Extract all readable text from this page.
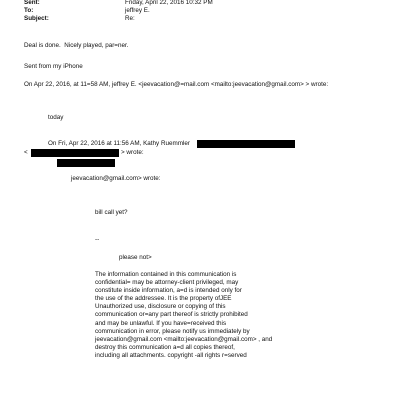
Sent:	Friday, April 22, 2016 10:32 PM
To:	jeffrey E.
Subject:	Re:
Deal is done.  Nicely played, par=ner.
Sent from my iPhone
On Apr 22, 2016, at 11=58 AM, jeffrey E. <jeevacation@=mail.com <mailto:jeevacation@gmail.com> > wrote:
today
On Fri, Apr 22, 2016 at 11:56 AM, Kathy Ruemmler
<	> wrote:
jeevacation@gmail.com> wrote:
bill call yet?
--
please not>
The information contained in this communication is
confidential= may be attorney-client privileged, may
constitute inside information, a=d is intended only for
the use of the addressee. It is the property ofJEE
Unauthorized use, disclosure or copying of this
communication or=any part thereof is strictly prohibited
and may be unlawful. If you have=received this
communication in error, please notify us immediately by
jeevacation@gmail.com <mailto:jeevacation@gmail.com> , and
destroy this communication a=d all copies thereof,
including all attachments. copyright -all rights r=served
